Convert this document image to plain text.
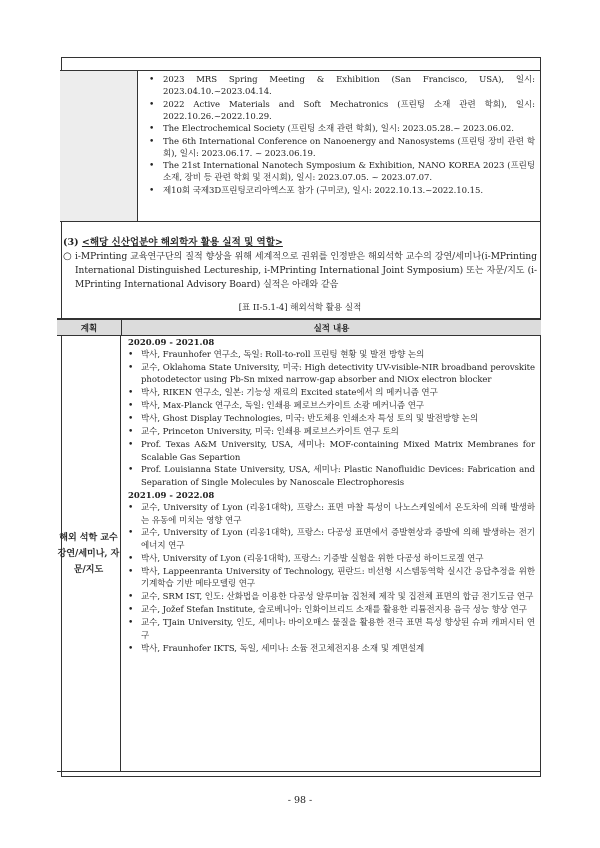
• 2023 MRS Spring Meeting & Exhibition (San Francisco, USA), 일시: 2023.04.10.~2023.04.14.
• 2022 Active Materials and Soft Mechatronics (프린팅 소재 관련 학회), 일시: 2022.10.26.~2022.10.29.
• The Electrochemical Society (프린팅 소재 관련 학회), 일시: 2023.05.28.~ 2023.06.02.
• The 6th International Conference on Nanoenergy and Nanosystems (프린팅 장비 관련 학회), 일시: 2023.06.17. ~ 2023.06.19.
• The 21st International Nanotech Symposium & Exhibition, NANO KOREA 2023 (프린팅 소재, 장비 등 관련 학회 및 전시회), 일시: 2023.07.05. ~ 2023.07.07.
• 제10회 국제3D프린팅코리아엑스포 참가 (구미코), 일시: 2022.10.13.~2022.10.15.
(3) <해당 신산업분야 해외학자 활용 실적 및 역할>
○ i-MPrinting 교육연구단의 질적 향상을 위해 세계적으로 권위를 인정받은 해외석학 교수의 강연/세미나(i-MPrinting International Distinguished Lectureship, i-MPrinting International Joint Symposium) 또는 자문/지도 (i-MPrinting International Advisory Board) 실적은 아래와 같음
[표 II-5.1-4] 해외석학 활용 실적
계획	실적 내용
해외 석학 교수 강연/세미나, 자문/지도
2020.09 - 2021.08
• 박사, Fraunhofer 연구소, 독일: Roll-to-roll 프린팅 현황 및 발전 방향 논의
• 교수, Oklahoma State University, 미국: High detectivity UV-visible-NIR broadband perovskite photodetector using Pb-Sn mixed narrow-gap absorber and NiOx electron blocker
• 박사, RIKEN 연구소, 일본: 기능성 재료의 Excited state에서 의 메커니즘 연구
• 박사, Max-Planck 연구소, 독일: 인쇄용 페로브스카이트 소광 메커니즘 연구
• 박사, Ghost Display Technologies, 미국: 반도체용 인쇄소자 특성 토의 및 발전방향 논의
• 교수, Princeton University, 미국: 인쇄용 페로브스카이트 연구 토의
• Prof. Texas A&M University, USA, 세미나: MOF-containing Mixed Matrix Membranes for Scalable Gas Separtion
• Prof. Louisianna State University, USA, 세미나: Plastic Nanofluidic Devices: Fabrication and Separation of Single Molecules by Nanoscale Electrophoresis
2021.09 - 2022.08
• 교수, University of Lyon (리옹1대학), 프랑스: 표면 마찰 특성이 나노스케일에서 온도차에 의해 발생하는 유동에 미치는 영향 연구
• 교수, University of Lyon (리옹1대학), 프랑스: 다공성 표면에서 증발현상과 증발에 의해 발생하는 전기에너지 연구
• 박사, University of Lyon (리옹1대학), 프랑스: 기증발 실험을 위한 다공성 하이드로겔 연구
• 박사, Lappeenranta University of Technology, 핀란드: 비선형 시스템동역학 실시간 응답추정을 위한 기계학습 기반 메타모델링 연구
• 교수, SRM IST, 인도: 산화법을 이용한 다공성 알루미늄 집천체 제작 및 집전체 표면의 합금 전기도금 연구
• 교수, Jožef Stefan Institute, 슬로베니아: 인화이브리드 소재를 활용한 리튬전지용 음극 성능 향상 연구
• 교수, TJain University, 인도, 세미나: 바이오매스 물질을 활용한 전극 표면 특성 향상된 슈퍼 캐퍼시터 연구
• 박사, Fraunhofer IKTS, 독일, 세미나: 소듐 전고체전지용 소재 및 계면설계
- 98 -
